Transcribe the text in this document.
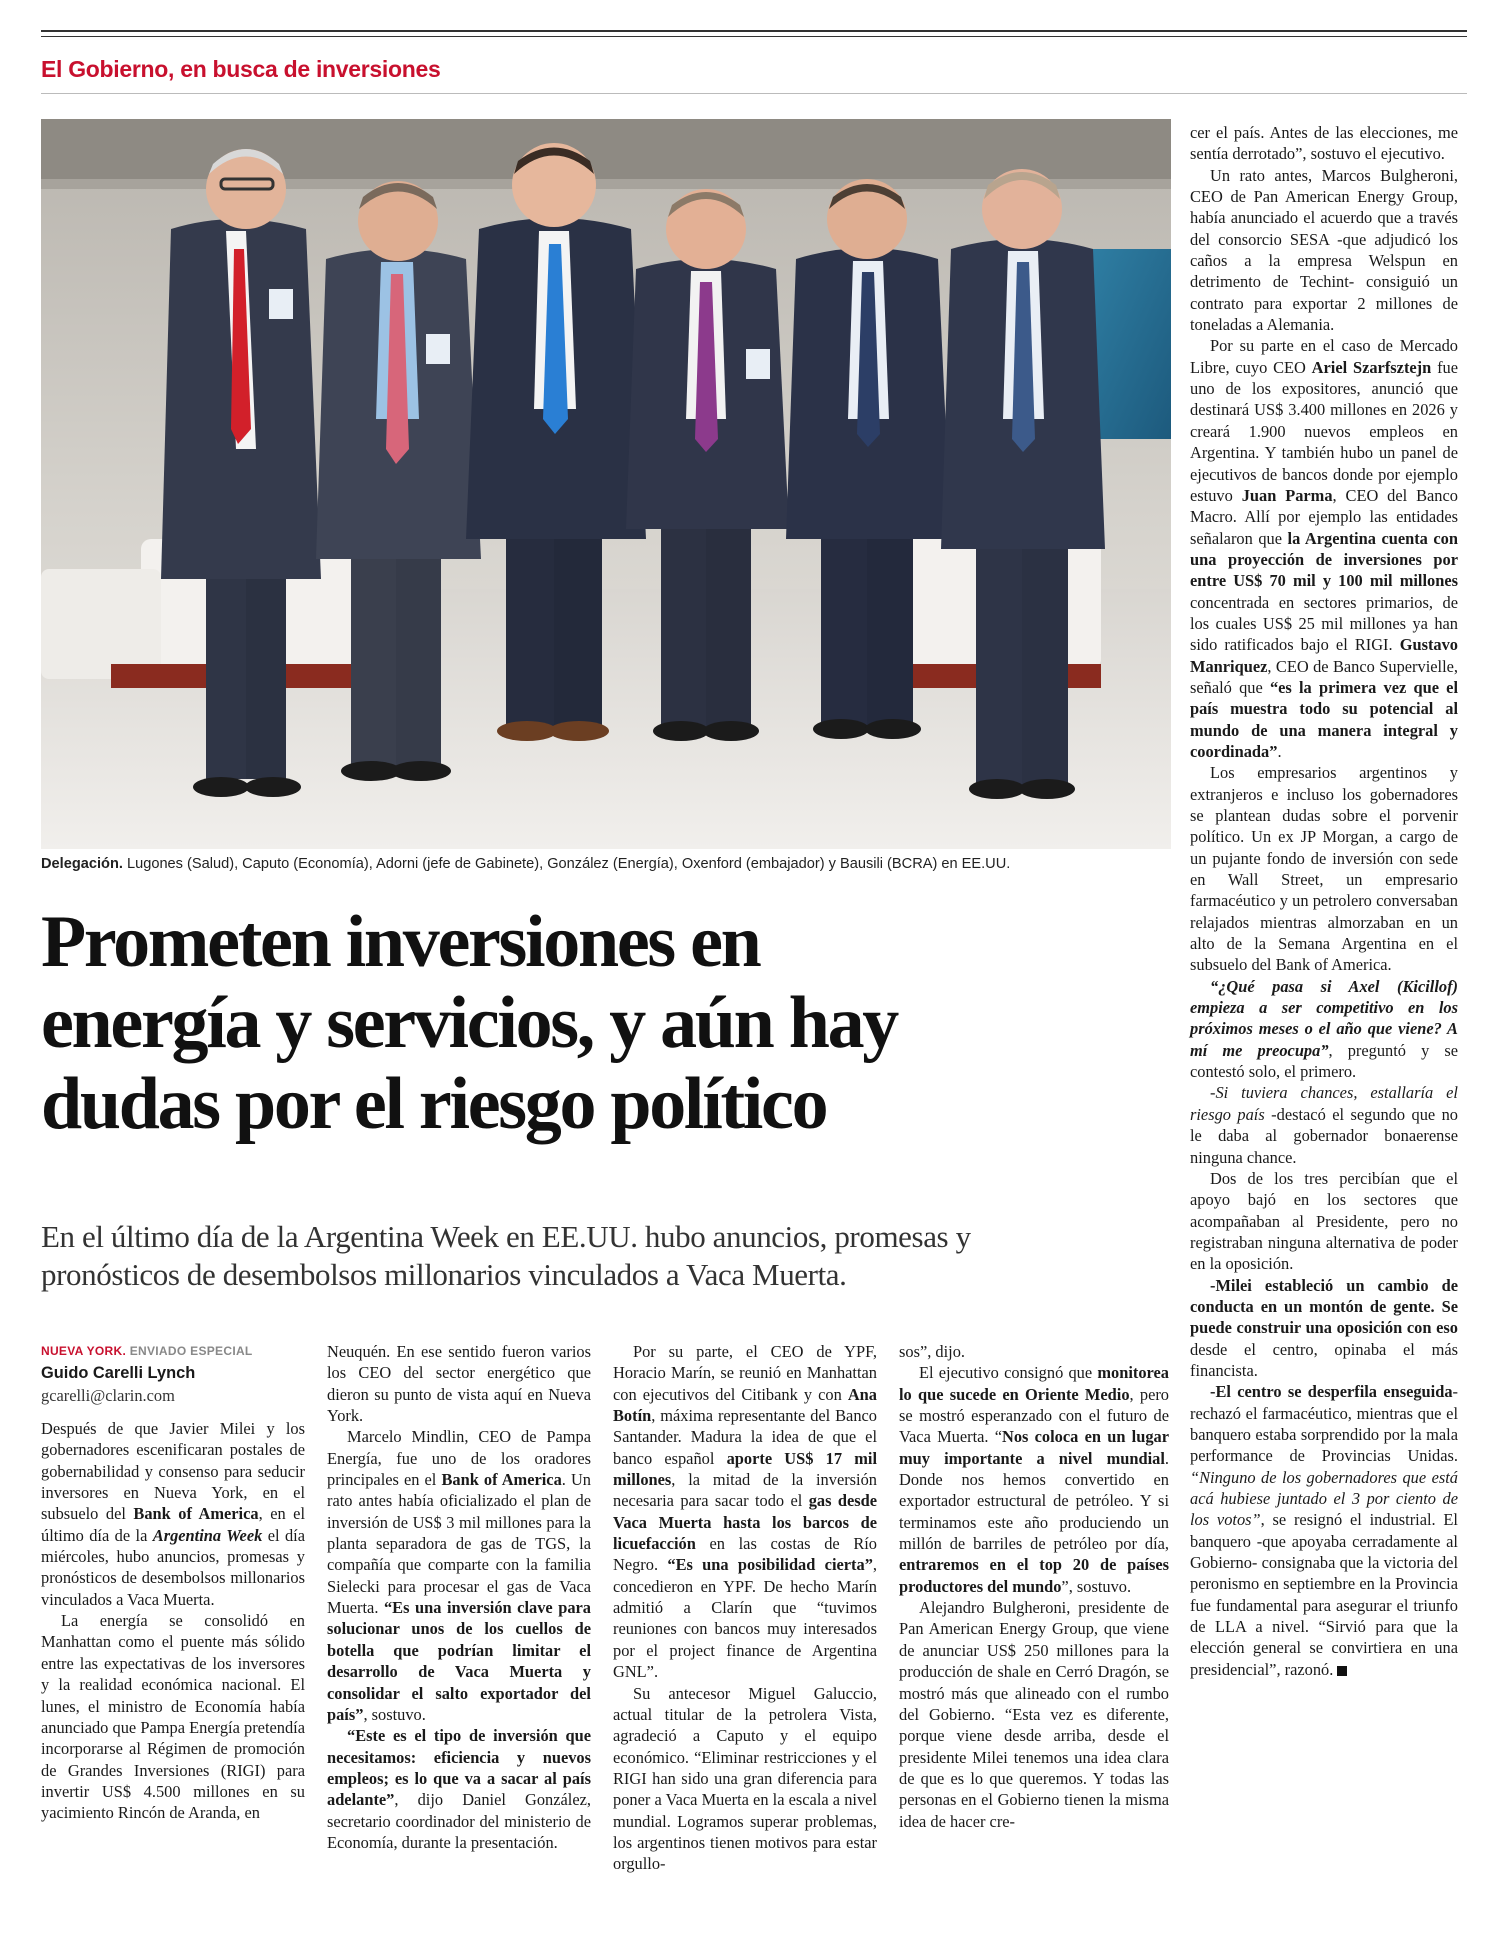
El Gobierno, en busca de inversiones
Delegación. Lugones (Salud), Caputo (Economía), Adorni (jefe de Gabinete), González (Energía), Oxenford (embajador) y Bausili (BCRA) en EE.UU.
Prometen inversiones en
energía y servicios, y aún hay
dudas por el riesgo político
En el último día de la Argentina Week en EE.UU. hubo anuncios, promesas y
pronósticos de desembolsos millonarios vinculados a Vaca Muerta.
NUEVA YORK. ENVIADO ESPECIAL
Guido Carelli Lynch
gcarelli@clarin.com

Después de que Javier Milei y los gobernadores escenificaran postales de gobernabilidad y consenso para seducir inversores en Nueva York, en el subsuelo del Bank of America, en el último día de la Argentina Week el día miércoles, hubo anuncios, promesas y pronósticos de desembolsos millonarios vinculados a Vaca Muerta.

La energía se consolidó en Manhattan como el puente más sólido entre las expectativas de los inversores y la realidad económica nacional. El lunes, el ministro de Economía había anunciado que Pampa Energía pretendía incorporarse al Régimen de promoción de Grandes Inversiones (RIGI) para invertir US$ 4.500 millones en su yacimiento Rincón de Aranda, en

Neuquén. En ese sentido fueron varios los CEO del sector energético que dieron su punto de vista aquí en Nueva York.

Marcelo Mindlin, CEO de Pampa Energía, fue uno de los oradores principales en el Bank of America. Un rato antes había oficializado el plan de inversión de US$ 3 mil millones para la planta separadora de gas de TGS, la compañía que comparte con la familia Sielecki para procesar el gas de Vaca Muerta. “Es una inversión clave para solucionar unos de los cuellos de botella que podrían limitar el desarrollo de Vaca Muerta y consolidar el salto exportador del país”, sostuvo.

“Este es el tipo de inversión que necesitamos: eficiencia y nuevos empleos; es lo que va a sacar al país adelante”, dijo Daniel González, secretario coordinador del ministerio de Economía, durante la presentación.

Por su parte, el CEO de YPF, Horacio Marín, se reunió en Manhattan con ejecutivos del Citibank y con Ana Botín, máxima representante del Banco Santander. Madura la idea de que el banco español aporte US$ 17 mil millones, la mitad de la inversión necesaria para sacar todo el gas desde Vaca Muerta hasta los barcos de licuefacción en las costas de Río Negro. “Es una posibilidad cierta”, concedieron en YPF. De hecho Marín admitió a Clarín que “tuvimos reuniones con bancos muy interesados por el project finance de Argentina GNL”.

Su antecesor Miguel Galuccio, actual titular de la petrolera Vista, agradeció a Caputo y el equipo económico. “Eliminar restricciones y el RIGI han sido una gran diferencia para poner a Vaca Muerta en la escala a nivel mundial. Logramos superar problemas, los argentinos tienen motivos para estar orgullo-

sos”, dijo.

El ejecutivo consignó que monitorea lo que sucede en Oriente Medio, pero se mostró esperanzado con el futuro de Vaca Muerta. “Nos coloca en un lugar muy importante a nivel mundial. Donde nos hemos convertido en exportador estructural de petróleo. Y si terminamos este año produciendo un millón de barriles de petróleo por día, entraremos en el top 20 de países productores del mundo”, sostuvo.

Alejandro Bulgheroni, presidente de Pan American Energy Group, que viene de anunciar US$ 250 millones para la producción de shale en Cerró Dragón, se mostró más que alineado con el rumbo del Gobierno. “Esta vez es diferente, porque viene desde arriba, desde el presidente Milei tenemos una idea clara de que es lo que queremos. Y todas las personas en el Gobierno tienen la misma idea de hacer cre-

cer el país. Antes de las elecciones, me sentía derrotado”, sostuvo el ejecutivo.

Un rato antes, Marcos Bulgheroni, CEO de Pan American Energy Group, había anunciado el acuerdo que a través del consorcio SESA -que adjudicó los caños a la empresa Welspun en detrimento de Techint- consiguió un contrato para exportar 2 millones de toneladas a Alemania.

Por su parte en el caso de Mercado Libre, cuyo CEO Ariel Szarfsztejn fue uno de los expositores, anunció que destinará US$ 3.400 millones en 2026 y creará 1.900 nuevos empleos en Argentina. Y también hubo un panel de ejecutivos de bancos donde por ejemplo estuvo Juan Parma, CEO del Banco Macro. Allí por ejemplo las entidades señalaron que la Argentina cuenta con una proyección de inversiones por entre US$ 70 mil y 100 mil millones concentrada en sectores primarios, de los cuales US$ 25 mil millones ya han sido ratificados bajo el RIGI. Gustavo Manriquez, CEO de Banco Supervielle, señaló que “es la primera vez que el país muestra todo su potencial al mundo de una manera integral y coordinada”.

Los empresarios argentinos y extranjeros e incluso los gobernadores se plantean dudas sobre el porvenir político. Un ex JP Morgan, a cargo de un pujante fondo de inversión con sede en Wall Street, un empresario farmacéutico y un petrolero conversaban relajados mientras almorzaban en un alto de la Semana Argentina en el subsuelo del Bank of America.

“¿Qué pasa si Axel (Kicillof) empieza a ser competitivo en los próximos meses o el año que viene? A mí me preocupa”, preguntó y se contestó solo, el primero.

-Si tuviera chances, estallaría el riesgo país -destacó el segundo que no le daba al gobernador bonaerense ninguna chance.

Dos de los tres percibían que el apoyo bajó en los sectores que acompañaban al Presidente, pero no registraban ninguna alternativa de poder en la oposición.

-Milei estableció un cambio de conducta en un montón de gente. Se puede construir una oposición con eso desde el centro, opinaba el más financista.

-El centro se desperfila enseguida- rechazó el farmacéutico, mientras que el banquero estaba sorprendido por la mala performance de Provincias Unidas. “Ninguno de los gobernadores que está acá hubiese juntado el 3 por ciento de los votos”, se resignó el industrial. El banquero -que apoyaba cerradamente al Gobierno- consignaba que la victoria del peronismo en septiembre en la Provincia fue fundamental para asegurar el triunfo de LLA a nivel. “Sirvió para que la elección general se convirtiera en una presidencial”, razonó.
